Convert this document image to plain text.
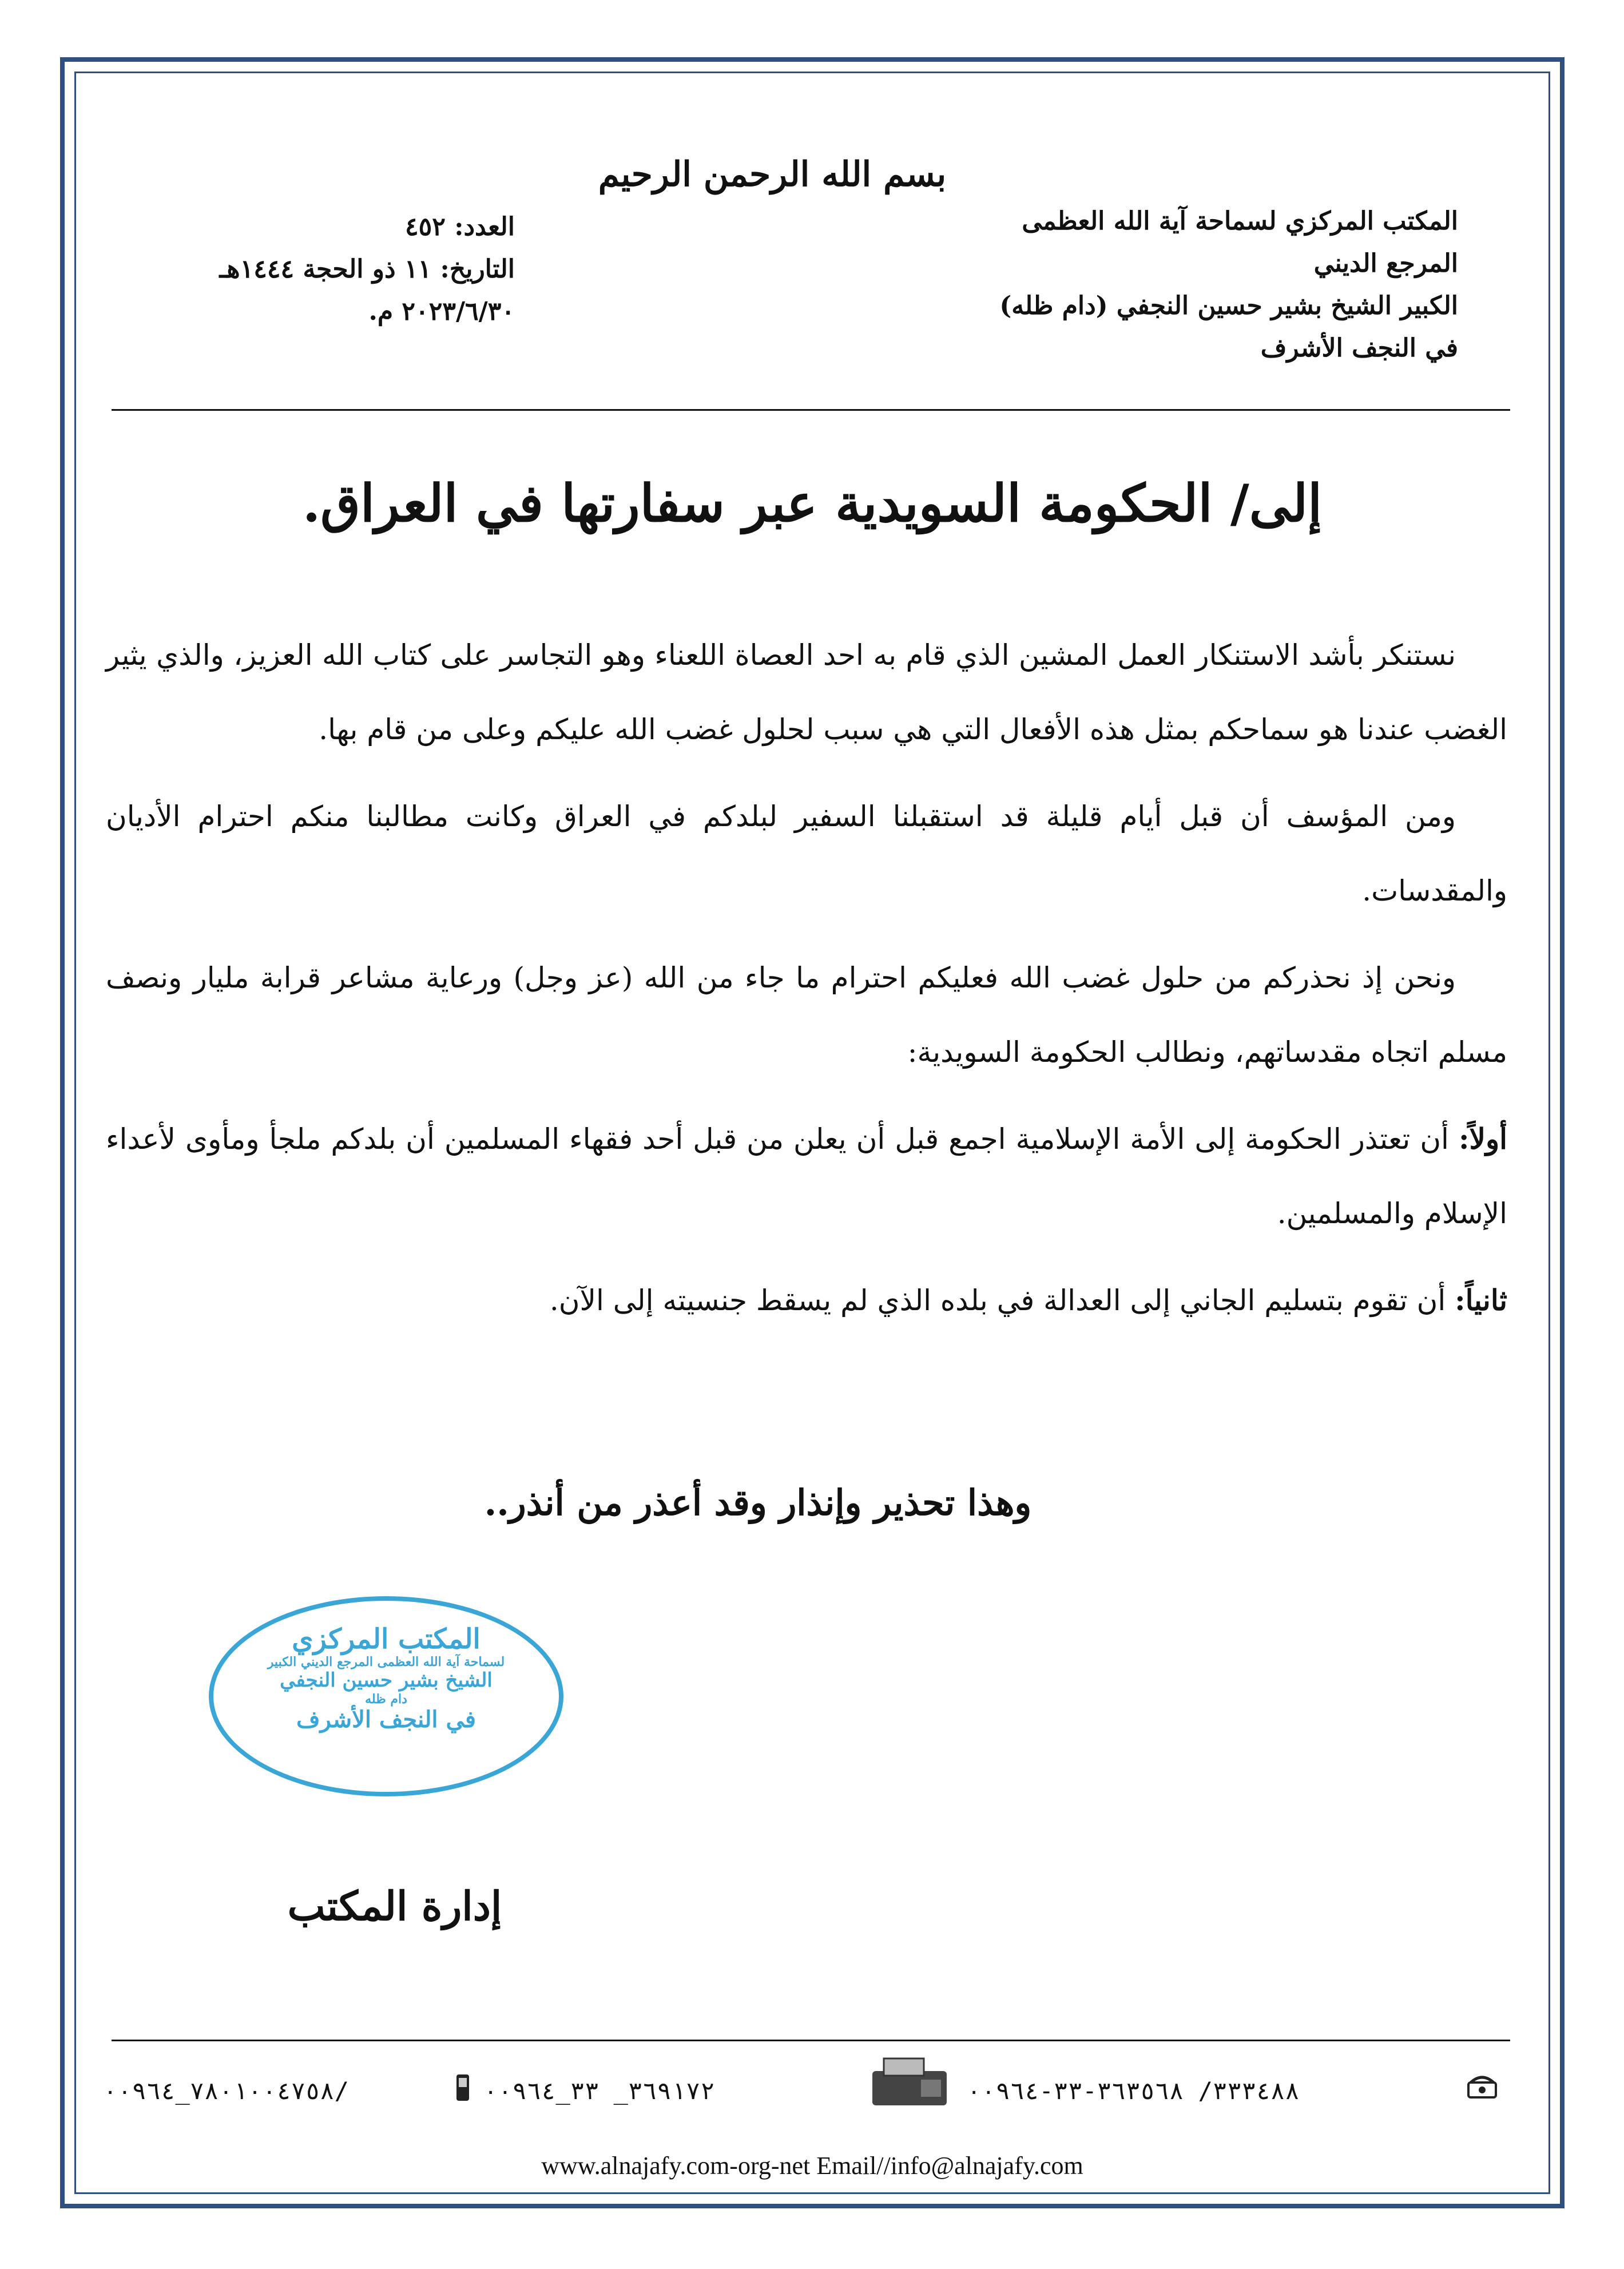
بسم الله الرحمن الرحيم
المكتب المركزي لسماحة آية الله العظمى المرجع الديني
الكبير الشيخ بشير حسين النجفي (دام ظله)
في النجف الأشرف
العدد: ٤٥٢
التاريخ: ١١ ذو الحجة ١٤٤٤هـ
٢٠٢٣/٦/٣٠ م.
إلى/ الحكومة السويدية عبر سفارتها في العراق.

نستنكر بأشد الاستنكار العمل المشين الذي قام به احد العصاة اللعناء وهو التجاسر على كتاب الله العزيز، والذي يثير الغضب عندنا هو سماحكم بمثل هذه الأفعال التي هي سبب لحلول غضب الله عليكم وعلى من قام بها.

ومن المؤسف أن قبل أيام قليلة قد استقبلنا السفير لبلدكم في العراق وكانت مطالبنا منكم احترام الأديان والمقدسات.

ونحن إذ نحذركم من حلول غضب الله فعليكم احترام ما جاء من الله (عز وجل) ورعاية مشاعر قرابة مليار ونصف مسلم اتجاه مقدساتهم، ونطالب الحكومة السويدية:

أولاً: أن تعتذر الحكومة إلى الأمة الإسلامية اجمع قبل أن يعلن من قبل أحد فقهاء المسلمين أن بلدكم ملجأ ومأوى لأعداء الإسلام والمسلمين.

ثانياً: أن تقوم بتسليم الجاني إلى العدالة في بلده الذي لم يسقط جنسيته إلى الآن.

وهذا تحذير وإنذار وقد أعذر من أنذر..
المكتب المركزي
لسماحة آية الله العظمى المرجع الديني الكبير
الشيخ بشير حسين النجفي
دام ظله
في النجف الأشرف
إدارة المكتب
٧٨٠١٠٠٤٧٥٨_٠٠٩٦٤/	٣٦٩١٧٢_ ٣٣_٠٠٩٦٤	٣٣٣٤٨٨/ ٣٦٣٥٦٨-٣٣-٠٠٩٦٤
www.alnajafy.com-org-net Email//info@alnajafy.com
